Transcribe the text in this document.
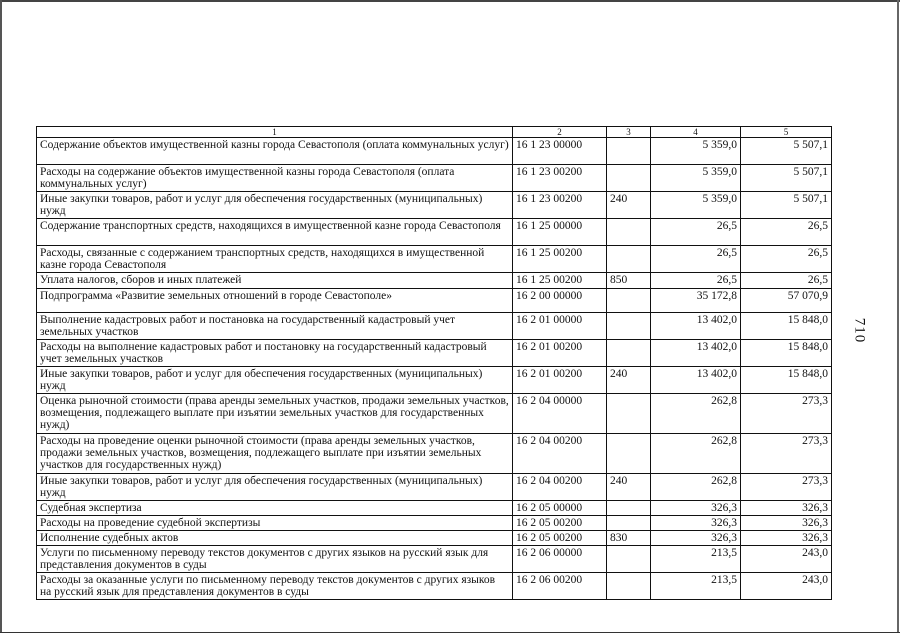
1	2	3	4	5
Содержание объектов имущественной казны города Севастополя (оплата коммунальных услуг)	16 1 23 00000		5 359,0	5 507,1
Расходы на содержание объектов имущественной казны города Севастополя (оплата коммунальных услуг)	16 1 23 00200		5 359,0	5 507,1
Иные закупки товаров, работ и услуг для обеспечения государственных (муниципальных) нужд	16 1 23 00200	240	5 359,0	5 507,1
Содержание транспортных средств, находящихся в имущественной казне города Севастополя	16 1 25 00000		26,5	26,5
Расходы, связанные с содержанием транспортных средств, находящихся в имущественной казне города Севастополя	16 1 25 00200		26,5	26,5
Уплата налогов, сборов и иных платежей	16 1 25 00200	850	26,5	26,5
Подпрограмма «Развитие земельных отношений в городе Севастополе»	16 2 00 00000		35 172,8	57 070,9
Выполнение кадастровых работ и постановка на государственный кадастровый учет земельных участков	16 2 01 00000		13 402,0	15 848,0
Расходы на выполнение кадастровых работ и постановку на государственный кадастровый учет земельных участков	16 2 01 00200		13 402,0	15 848,0
Иные закупки товаров, работ и услуг для обеспечения государственных (муниципальных) нужд	16 2 01 00200	240	13 402,0	15 848,0
Оценка рыночной стоимости (права аренды земельных участков, продажи земельных участков, возмещения, подлежащего выплате при изъятии земельных участков для государственных нужд)	16 2 04 00000		262,8	273,3
Расходы на проведение оценки рыночной стоимости (права аренды земельных участков, продажи земельных участков, возмещения, подлежащего выплате при изъятии земельных участков для государственных нужд)	16 2 04 00200		262,8	273,3
Иные закупки товаров, работ и услуг для обеспечения государственных (муниципальных) нужд	16 2 04 00200	240	262,8	273,3
Судебная экспертиза	16 2 05 00000		326,3	326,3
Расходы на проведение судебной экспертизы	16 2 05 00200		326,3	326,3
Исполнение судебных актов	16 2 05 00200	830	326,3	326,3
Услуги по письменному переводу текстов документов с других языков на русский язык для представления документов в суды	16 2 06 00000		213,5	243,0
Расходы за оказанные услуги по письменному переводу текстов документов с других языков на русский язык для представления документов в суды	16 2 06 00200		213,5	243,0
710
